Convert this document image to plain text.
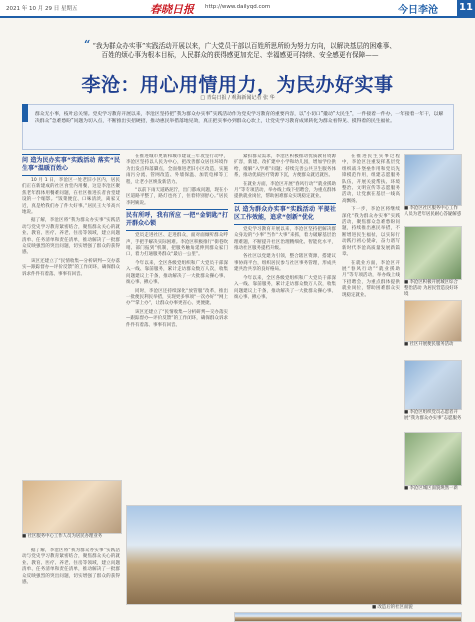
2021 年 10 月 29 日 星期五	春晓日报 http://www.dailyqd.com	今日李沧 11
“ “我为群众办实事”实践活动开展以来，广大党员干部以百姓所思所盼为努力方向，以解决基层的困难事、
百姓的烦心事为根本目标，人民群众的获得感更加充足、幸福感更可持续、安全感更有保障——
李沧：用心用情用力，为民办好实事
□ 青岛日报 / 观海新闻记者 张 华

群众无小事，枝叶总关情。党史学习教育开展以来，李沧区坚持把“我为群众办实事”实践活动作为党史学习教育的重要内容，以“小切口”撬动“大民生”，一件接着一件办，一年接着一年干，以解决群众“急难愁盼”问题为切入点，不断推出实招硬招，推动惠民举措落地见效，真正把实事办到群众心坎上，让党史学习教育成果转化为群众看得见、摸得着的民生福祉。

问 造为民办实事“实践活动 落实“民生事”温暖百姓心

10 月 1 日，李沧区一处老旧小区内，居民们正在新建成的社区食堂内用餐，这是李沧区聚焦老年群体用餐难问题，在社区推进长者食堂建设的一个缩影。“饭菜便宜、口味清淡，离家又近，真是给我们办了件大好事。”居民王大爷高兴地说。

据了解，李沧区将“我为群众办实事”实践活动与党史学习教育紧密结合，聚焦群众关心的就业、教育、医疗、养老、住房等领域，建立问题清单、任务清单和责任清单，推动解决了一批群众反映强烈的突出问题，切实增强了群众的获得感。

该区还建立了“民情收集—分析研判—交办落实—跟踪督办—评价反馈”的工作闭环，确保群众诉求件件有着落、事事有回音。

■ 社区服务中心工作人员为居民办理业务

据了解，李沧区将“我为群众办实事”实践活动与党史学习教育紧密结合，聚焦群众关心的就业、教育、医疗、养老、住房等领域，建立问题清单、任务清单和责任清单，推动解决了一批群众反映强烈的突出问题，切实增强了群众的获得感。

在推进城市更新和城市建设三年攻坚行动中，李沧区坚持以人民为中心，把改善群众居住环境作为出发点和落脚点，全面推进老旧小区改造，实施雨污分流、管网改造、外墙保温、加装电梯等工程，让老小区焕发新活力。

“以前下雨天道路泥泞，出门都成问题，现在小区道路平整了，路灯也亮了，住着特别舒心。”居民李阿姨说。

民有所呼，我有所应 一把“金钥匙”打开群众心锁

党员走进社区、走进群众，面对面倾听群众呼声，手把手解决实际困难。李沧区积极推行“街巷吹哨、部门报到”机制，把服务触角延伸到群众家门口，着力打通服务群众“最后一公里”。

今年以来，全区各级党组织和广大党员干部深入一线、靠前服务，累计走访群众数万人次，收集问题建议上千条，推动解决了一大批群众操心事、烦心事、揪心事。

同时，李沧区还持续深化“放管服”改革，推出一批便民利民举措，实现更多事项“一次办好”“网上办”“掌上办”，让群众办事更省心、更便捷。

该区还建立了“民情收集—分析研判—交办落实—跟踪督办—评价反馈”的工作闭环，确保群众诉求件件有着落、事事有回音。

紧扣群众需求，李沧区积极推动优质教育资源扩容，新建、改扩建中小学和幼儿园，增加学位供给，缓解“入学难”问题；持续完善公共卫生服务体系，推动优质医疗资源下沉，方便群众就近就医。

在就业方面，李沧区开展“春风行动”“就业援助月”等专项活动，举办线上线下招聘会，为重点群体提供就业岗位，帮助困难群众实现稳定就业。

以 造为群众办实事“实践活动 平提社区工作效能，追求“创新”优化

党史学习教育开展以来，李沧区坚持把解决群众身边的“小事”当作“大事”来抓，着力破解基层治理难题，不断提升社区治理精细化、智能化水平，推动社区服务提档升级。

各社区以党建为引领，整合辖区资源，搭建议事协商平台，组织居民参与社区事务管理，形成共建共治共享的良好格局。

今年以来，全区各级党组织和广大党员干部深入一线、靠前服务，累计走访群众数万人次，收集问题建议上千条，推动解决了一大批群众操心事、烦心事、揪心事。

在推进民生实事过程中，李沧区注重发挥基层党组织战斗堡垒作用和党员先锋模范作用，组建志愿服务队伍，开展关爱帮扶、环境整治、文明宣传等志愿服务活动，让党旗在基层一线高高飘扬。

下一步，李沧区将继续深化“我为群众办实事”实践活动，聚焦群众急难愁盼问题，持续推出惠民举措，不断增进民生福祉，以实际行动践行初心使命，奋力谱写新时代李沧高质量发展新篇章。

在就业方面，李沧区开展“春风行动”“就业援助月”等专项活动，举办线上线下招聘会，为重点群体提供就业岗位，帮助困难群众实现稳定就业。

■ 李沧区社区服务中心工作人员为老年居民耐心答疑解惑
■ 李沧区积极开展城区综合整治活动 为居民营造良好环境
■ 社区开展便民服务活动
■ 李沧区组织党员志愿者开展“我为群众办实事”志愿服务
■ 李沧区城区面貌焕然一新
■ 改造后的社区面貌
